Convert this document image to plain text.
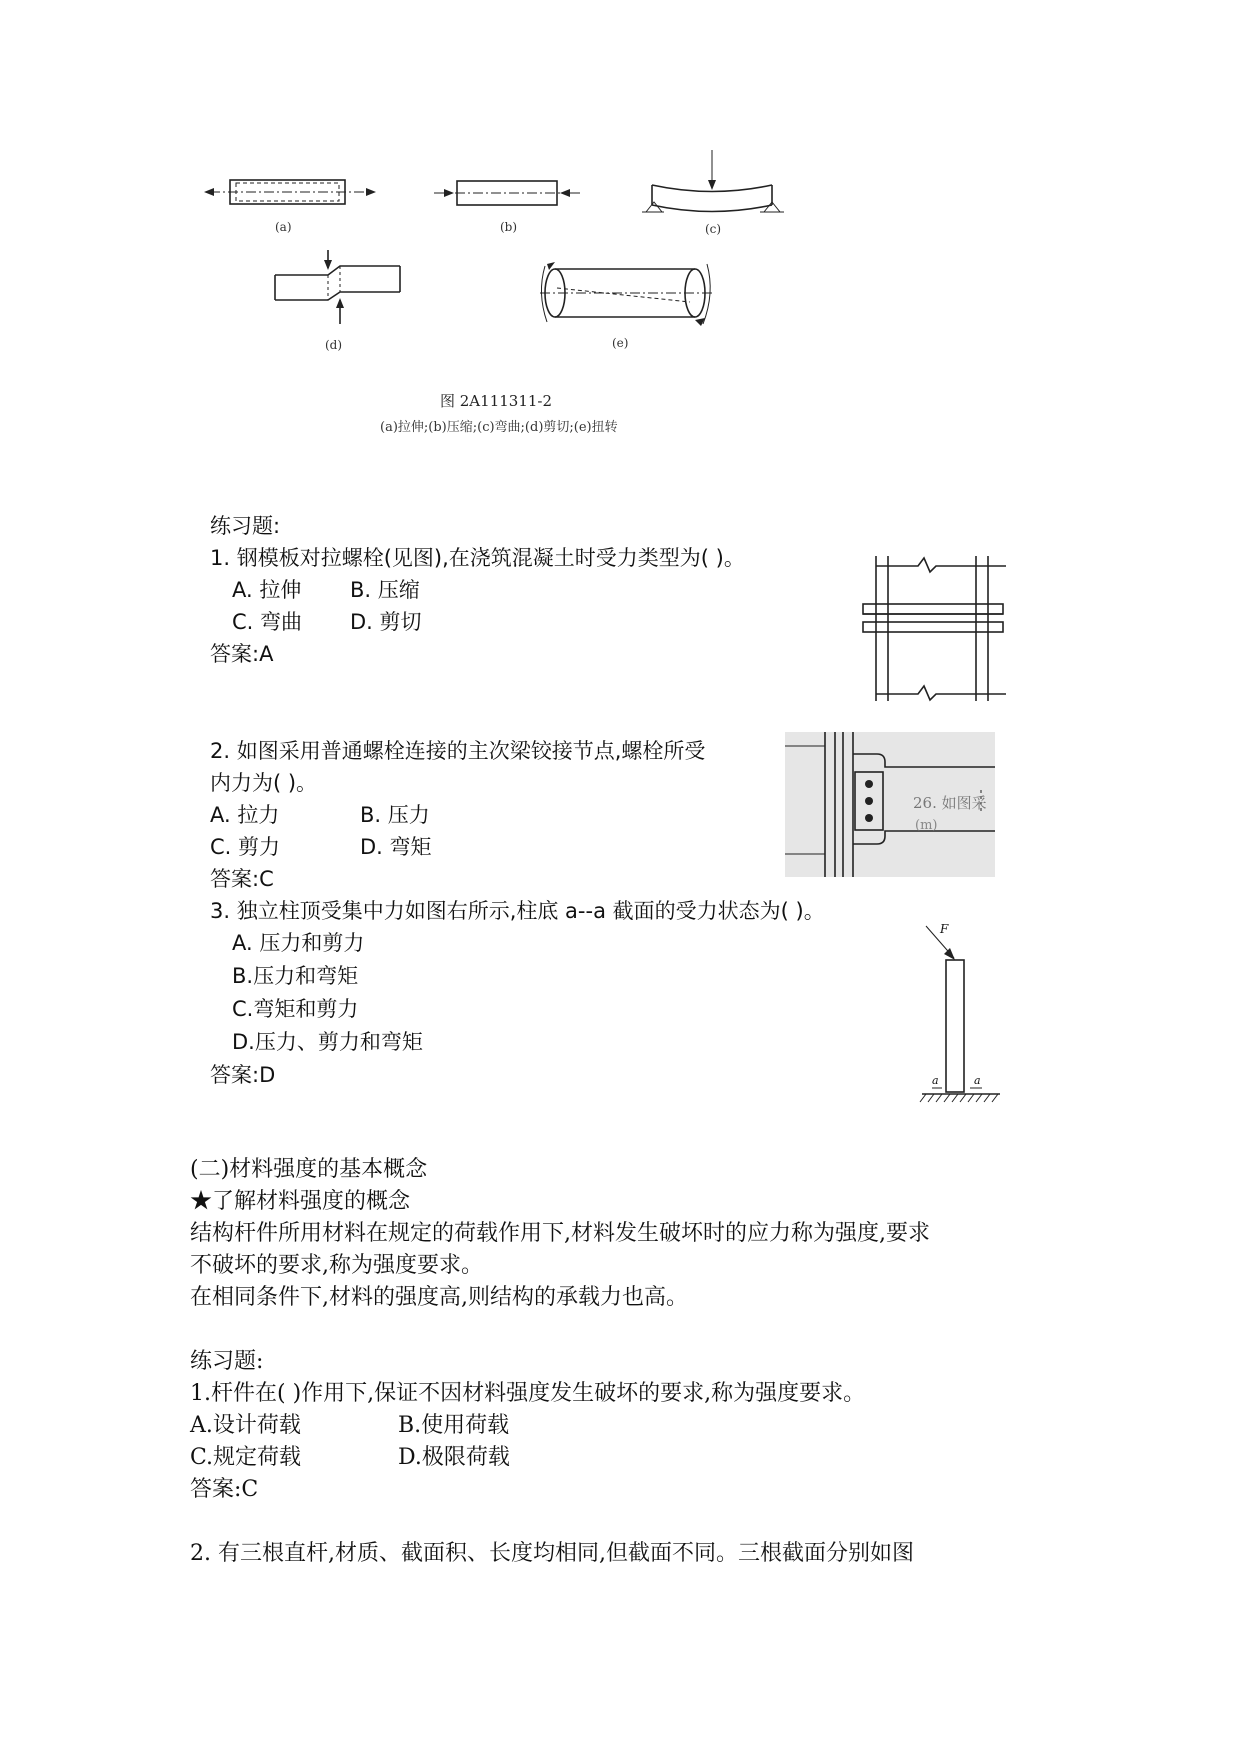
(a)	(b)	(c)
(d)	(e)
图 2A111311-2
(a)拉伸;(b)压缩;(c)弯曲;(d)剪切;(e)扭转
练习题:
1. 钢模板对拉螺栓(见图),在浇筑混凝土时受力类型为( )。
A. 拉伸 B. 压缩
C. 弯曲 D. 剪切
答案:A
2. 如图采用普通螺栓连接的主次梁铰接节点,螺栓所受
内力为( )。
A. 拉力	B. 压力
C. 剪力	D. 弯矩
答案:C
26. 如图采
(m)
3. 独立柱顶受集中力如图右所示,柱底 a--a 截面的受力状态为( )。
A. 压力和剪力
B.压力和弯矩
C.弯矩和剪力
D.压力、剪力和弯矩
答案:D
F
a	a
(二)材料强度的基本概念
★了解材料强度的概念
结构杆件所用材料在规定的荷载作用下,材料发生破坏时的应力称为强度,要求
不破坏的要求,称为强度要求。
在相同条件下,材料的强度高,则结构的承载力也高。
练习题:
1.杆件在( )作用下,保证不因材料强度发生破坏的要求,称为强度要求。
A.设计荷载	B.使用荷载
C.规定荷载	D.极限荷载
答案:C
2. 有三根直杆,材质、截面积、长度均相同,但截面不同。三根截面分别如图
